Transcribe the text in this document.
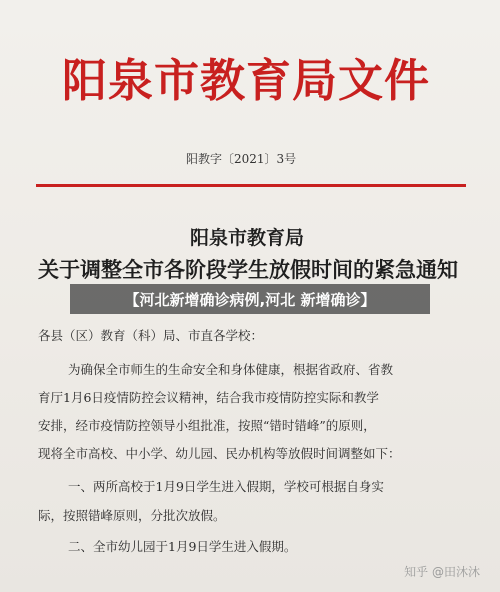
阳泉市教育局文件
阳教字〔2021〕3号
阳泉市教育局
关于调整全市各阶段学生放假时间的紧急通知
【河北新增确诊病例,河北 新增确诊】
各县（区）教育（科）局、市直各学校：
为确保全市师生的生命安全和身体健康，根据省政府、省教
育厅1月6日疫情防控会议精神，结合我市疫情防控实际和教学
安排，经市疫情防控领导小组批准，按照“错时错峰”的原则，
现将全市高校、中小学、幼儿园、民办机构等放假时间调整如下：
一、两所高校于1月9日学生进入假期，学校可根据自身实
际，按照错峰原则，分批次放假。
二、全市幼儿园于1月9日学生进入假期。
知乎 @田沐沐
